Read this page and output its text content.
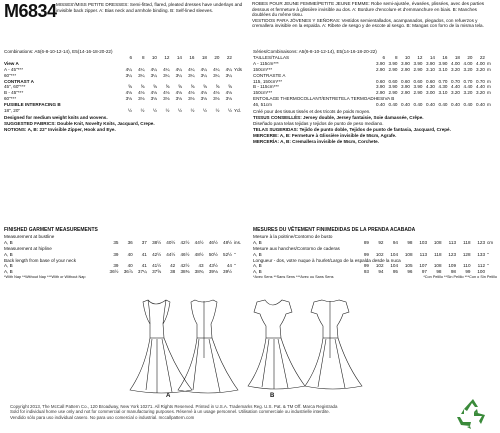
M6834 MISSES'/MISS PETITE DRESSES: Semi-fitted, flared, pleated dresses have underlays and invisible back zipper. A: Bias neck and armhole binding. B: Self-lined sleeves.
ROBES POUR JEUNE FEMME/PETITE JEUNE FEMME: Robe semi-ajustée, évasées, plissées, avec des parties dessous et fermeture à glissière invisible au dos. A: Bordure d'encolure et d'emmanchure en biais. B: Manches doublées du même tissu.
VESTIDOS PARA JÓVENES Y SEÑORAS: Vestidos semientallados, acampanados, plegados, con refuerzos y cremallera invisible en la espalda. A: Ribete de sesgo y de escote al sesgo. B: Mangas con forro de la misma tela.
Combinations: A5(6-8-10-12-14), E5(14-16-18-20-22)
6	8	10	12	14	16	18	20	22
View A
A - 45"***	4¼	4¼	4¼	4¼	4¼	4¼	4¼	4¼	4¼ Yds
60"***	3¼	3¼	3¼	3¼	3¼	3¼	3¼	3¼	3¼
CONTRAST A
45", 60"***	⅝	⅝	⅝	⅝	⅝	⅝	⅝	⅝	⅝
B - 45"***	4⅛	4⅛	4⅛	4⅛	4⅛	4⅛	4⅛	4⅛	4⅛
60"***	3⅛	3⅛	3⅛	3⅛	3⅛	3⅛	3⅛	3⅛	3⅛
FUSIBLE INTERFACING B
18", 20"	½	½	½	½	½	½	½	½	½ Yd.
Designed for medium weight knits and wovens.
SUGGESTED FABRICS: Double Knit, Novelty Knits, Jacquard, Crepe.
NOTIONS: A, B: 22" Invisible Zipper, Hook and Eye.
Séries/Combinaisons: A5(6-8-10-12-14), E5(14-16-18-20-22)
TAILLES/TALLAS	6	8	10	12	14	16	18	20	22
A - 115cm***	3.90 3.90 3.90 3.90 3.90 3.90 4.00 4.00 4.00 m
150cm***	2.90 2.90 2.90 2.90 3.10 3.10 3.20 3.20 3.20 m
CONTRASTE A
115, 150cm***	0.60 0.60 0.60 0.60 0.60 0.70 0.70 0.70 0.70 m
B - 115cm***	3.90 3.90 3.90 3.90 4.30 4.30 4.40 4.40 4.40 m
150cm***	2.90 2.90 2.90 2.90 3.00 3.10 3.20 3.20 3.20 m
ENTOILAGE THERMOCOLLANT/ENTRETELA TERMOADHESIVA B
46, 51cm	0.40 0.40 0.40 0.40 0.40 0.40 0.40 0.40 0.40 m
Créé pour des tissus tissés et des tricots de poids moyen.
TISSUS CONSEILLÉS: Jersey double, Jersey fantaisie, Soie damassée, Crêpe.
Diseñado para telas tejidas y tejidos de punto de peso mediano.
TELAS SUGERIDAS: Tejido de punto doble, Tejidos de punto de fantasia, Jacquard, Crepé.
MERCERIE: A, B: Fermeture à Glissière invisible de 55cm, Agrafe.
MERCERÍA: A, B: Cremallera invisible de 55cm, Corchete.
FINISHED GARMENT MEASUREMENTS
Measurement at bustline
A, B	35	36	37	38½	40½	42½	44½	46½	48½ ins.
Measurement at hipline
A, B	39	40	41	42½	44½	46½	48½	50½	52½ "
Back length from base of your neck
A, B	39	40	41	41½	42	42½	43	43½	44 "
A, B	36½	36⅞	37¼	37⅝	38	38⅜	38¾	39⅛	39½
*With Nap **Without Nap ***With or Without Nap
MESURES DU VÊTEMENT FINI/MEDIDAS DE LA PRENDA ACABADA
Mesure à la poitrine/Contorno de busto
A, B	89	92	94	98	103	108	113	118	123 cm
Mesure aux hanches/Contorno de caderas
A, B	99	102	104	108	113	118	123	128	133 "
Longueur - dos, votre nuque à l'ourlet/Largo de la espalda desde la nuca
A, B	99	102	104	105	107	108	109	110	112 "
A, B	93	94	95	96	97	98	98	99	100
*Avec Sens **Sans Sens ***Avec ou Sans Sens	*Con Pelillo **Sin Pelillo ***Con o Sin Pelillo
A	B
Copyright 2013, The McCall Pattern Co., 120 Broadway, New York 10271. All Rights Reserved. Printed in U.S.A. Trademarks Reg. U.S. Pat. & TM Off. Marca Registrada
Sold for individual home use only and not for commercial or manufacturing purposes. Réservé à un usage personnel. Utilisation commerciale ou industrielle interdite.
Vendido sólo para uso individual casero. No para uso comercial o industrial. mccallpattern.com
